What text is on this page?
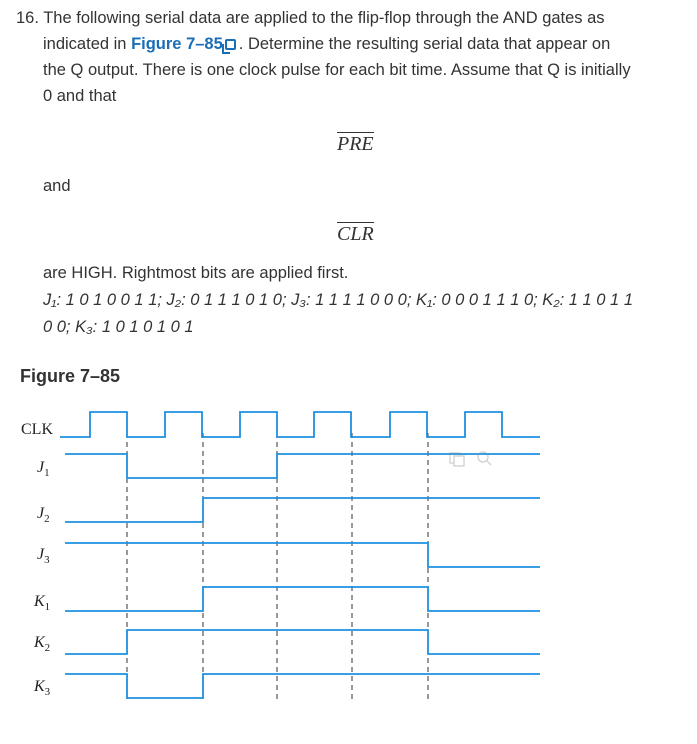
16. The following serial data are applied to the flip-flop through the AND gates as
indicated in Figure 7–85 . Determine the resulting serial data that appear on
the Q output. There is one clock pulse for each bit time. Assume that Q is initially
0 and that
PRE
and
CLR
are HIGH. Rightmost bits are applied first.
J₁: 1 0 1 0 0 1 1; J₂: 0 1 1 1 0 1 0; J₃: 1 1 1 1 0 0 0; K₁: 0 0 0 1 1 1 0; K₂: 1 1 0 1 1
0 0; K₃: 1 0 1 0 1 0 1
Figure 7–85
CLK
$J_1$
$J_2$
$J_3$
$K_1$
$K_2$
$K_3$
